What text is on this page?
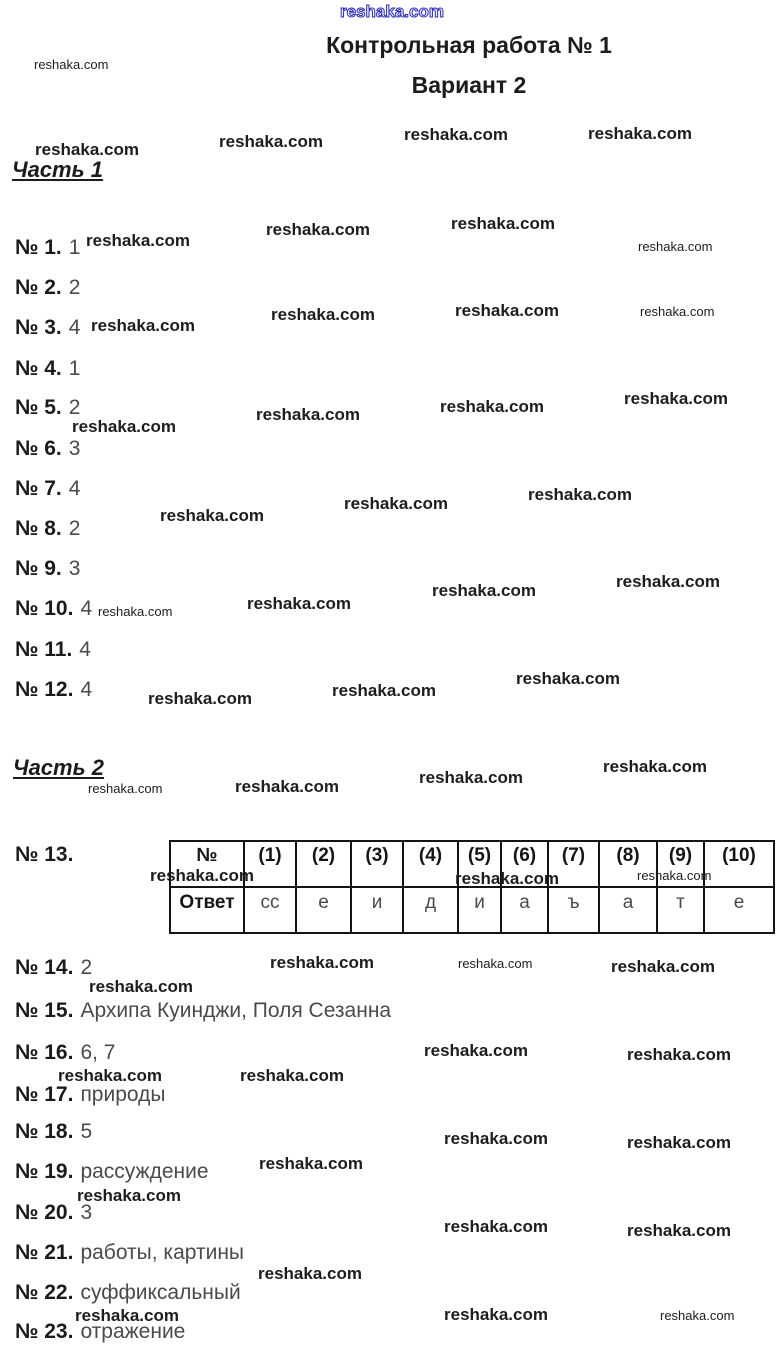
Контрольная работа № 1
Вариант 2
Часть 1
№ 1. 1
№ 2. 2
№ 3. 4
№ 4. 1
№ 5. 2
№ 6. 3
№ 7. 4
№ 8. 2
№ 9. 3
№ 10. 4
№ 11. 4
№ 12. 4
Часть 2
№ 13.	№	(1)	(2)	(3)	(4)	(5)	(6)	(7)	(8)	(9)	(10)
Ответ	сс	е	и	д	и	а	ъ	а	т	е
№ 14. 2
№ 15. Архипа Куинджи, Поля Сезанна
№ 16. 6, 7
№ 17. природы
№ 18. 5
№ 19. рассуждение
№ 20. 3
№ 21. работы, картины
№ 22. суффиксальный
№ 23. отражение
reshaka.com
reshaka.com
reshaka.com	reshaka.com	reshaka.com
reshaka.com
reshaka.com
reshaka.com	reshaka.com
reshaka.com
reshaka.com
reshaka.com	reshaka.com	reshaka.com
reshaka.com
reshaka.com	reshaka.com	reshaka.com
reshaka.com
reshaka.com	reshaka.com
reshaka.com
reshaka.com	reshaka.com
reshaka.com
reshaka.com	reshaka.com
reshaka.com
reshaka.com	reshaka.com	reshaka.com
reshaka.com
reshaka.com	reshaka.com	reshaka.com
reshaka.com	reshaka.com	reshaka.com
reshaka.com
reshaka.com	reshaka.com
reshaka.com	reshaka.com
reshaka.com	reshaka.com
reshaka.com
reshaka.com
reshaka.com	reshaka.com
reshaka.com
reshaka.com	reshaka.com	reshaka.com
